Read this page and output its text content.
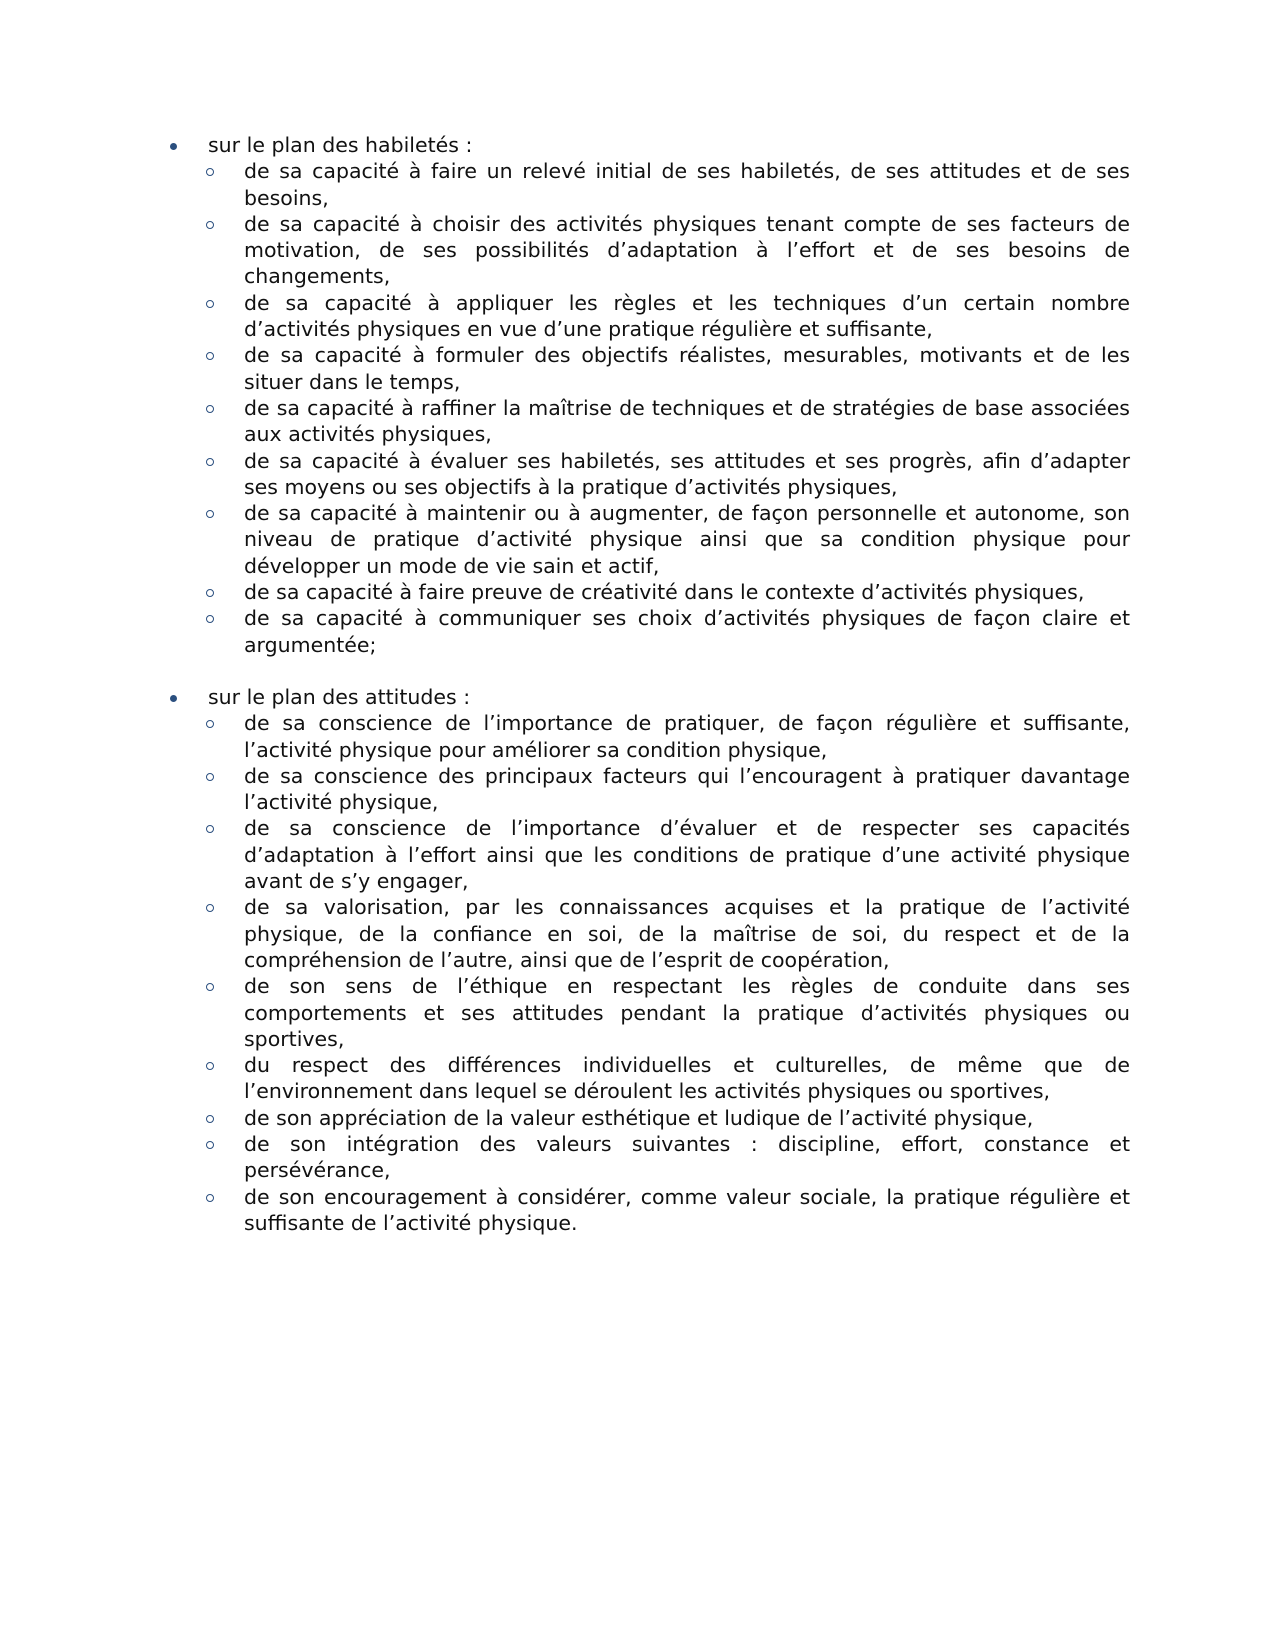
sur le plan des habiletés :

de sa capacité à faire un relevé initial de ses habiletés, de ses attitudes et de ses besoins,
de sa capacité à choisir des activités physiques tenant compte de ses facteurs de motivation, de ses possibilités d’adaptation à l’effort et de ses besoins de changements,
de sa capacité à appliquer les règles et les techniques d’un certain nombre d’activités physiques en vue d’une pratique régulière et suffisante,
de sa capacité à formuler des objectifs réalistes, mesurables, motivants et de les situer dans le temps,
de sa capacité à raffiner la maîtrise de techniques et de stratégies de base associées aux activités physiques,
de sa capacité à évaluer ses habiletés, ses attitudes et ses progrès, afin d’adapter ses moyens ou ses objectifs à la pratique d’activités physiques,
de sa capacité à maintenir ou à augmenter, de façon personnelle et autonome, son niveau de pratique d’activité physique ainsi que sa condition physique pour développer un mode de vie sain et actif,
de sa capacité à faire preuve de créativité dans le contexte d’activités physiques,
de sa capacité à communiquer ses choix d’activités physiques de façon claire et argumentée;

sur le plan des attitudes :

de sa conscience de l’importance de pratiquer, de façon régulière et suffisante, l’activité physique pour améliorer sa condition physique,
de sa conscience des principaux facteurs qui l’encouragent à pratiquer davantage l’activité physique,
de sa conscience de l’importance d’évaluer et de respecter ses capacités d’adaptation à l’effort ainsi que les conditions de pratique d’une activité physique avant de s’y engager,
de sa valorisation, par les connaissances acquises et la pratique de l’activité physique, de la confiance en soi, de la maîtrise de soi, du respect et de la compréhension de l’autre, ainsi que de l’esprit de coopération,
de son sens de l’éthique en respectant les règles de conduite dans ses comportements et ses attitudes pendant la pratique d’activités physiques ou sportives,
du respect des différences individuelles et culturelles, de même que de l’environnement dans lequel se déroulent les activités physiques ou sportives,
de son appréciation de la valeur esthétique et ludique de l’activité physique,
de son intégration des valeurs suivantes : discipline, effort, constance et persévérance,
de son encouragement à considérer, comme valeur sociale, la pratique régulière et suffisante de l’activité physique.
